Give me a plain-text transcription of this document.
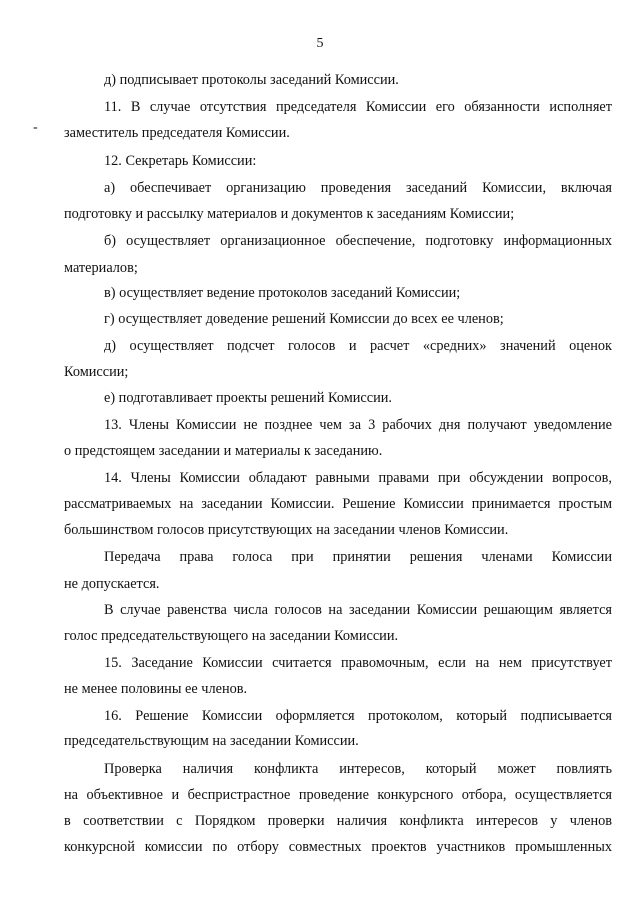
5
-
д) подписывает протоколы заседаний Комиссии.
11. В случае отсутствия председателя Комиссии его обязанности исполняет
заместитель председателя Комиссии.
12. Секретарь Комиссии:
а) обеспечивает организацию проведения заседаний Комиссии, включая
подготовку и рассылку материалов и документов к заседаниям Комиссии;
б) осуществляет организационное обеспечение, подготовку информационных
материалов;
в) осуществляет ведение протоколов заседаний Комиссии;
г) осуществляет доведение решений Комиссии до всех ее членов;
д) осуществляет подсчет голосов и расчет «средних» значений оценок
Комиссии;
е) подготавливает проекты решений Комиссии.
13. Члены Комиссии не позднее чем за 3 рабочих дня получают уведомление
о предстоящем заседании и материалы к заседанию.
14. Члены Комиссии обладают равными правами при обсуждении вопросов,
рассматриваемых на заседании Комиссии. Решение Комиссии принимается простым
большинством голосов присутствующих на заседании членов Комиссии.
Передача права голоса при принятии решения членами Комиссии
не допускается.
В случае равенства числа голосов на заседании Комиссии решающим является
голос председательствующего на заседании Комиссии.
15. Заседание Комиссии считается правомочным, если на нем присутствует
не менее половины ее членов.
16. Решение Комиссии оформляется протоколом, который подписывается
председательствующим на заседании Комиссии.
Проверка наличия конфликта интересов, который может повлиять
на объективное и беспристрастное проведение конкурсного отбора, осуществляется
в соответствии с Порядком проверки наличия конфликта интересов у членов
конкурсной комиссии по отбору совместных проектов участников промышленных
